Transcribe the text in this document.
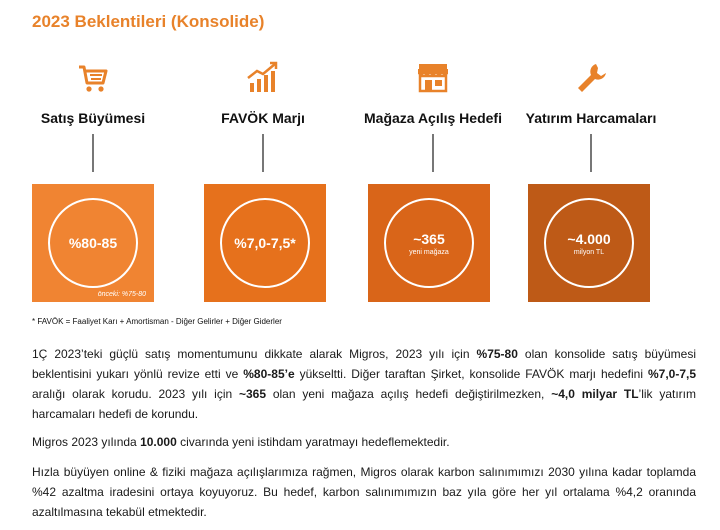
2023 Beklentileri (Konsolide)
Satış Büyümesi
%80-85
önceki: %75-80
FAVÖK Marjı
%7,0-7,5*
Mağaza Açılış Hedefi
~365
yeni mağaza
Yatırım Harcamaları
~4.000
milyon TL
* FAVÖK = Faaliyet Karı + Amortisman - Diğer Gelirler + Diğer Giderler
1Ç 2023’teki güçlü satış momentumunu dikkate alarak Migros, 2023 yılı için %75-80 olan konsolide satış büyümesi beklentisini yukarı yönlü revize etti ve %80-85’e yükseltti. Diğer taraftan Şirket, konsolide FAVÖK marjı hedefini %7,0-7,5 aralığı olarak korudu. 2023 yılı için ~365 olan yeni mağaza açılış hedefi değiştirilmezken, ~4,0 milyar TL’lik yatırım harcamaları hedefi de korundu.
Migros 2023 yılında 10.000 civarında yeni istihdam yaratmayı hedeflemektedir.
Hızla büyüyen online & fiziki mağaza açılışlarımıza rağmen, Migros olarak karbon salınımımızı 2030 yılına kadar toplamda %42 azaltma iradesini ortaya koyuyoruz. Bu hedef, karbon salınımımızın baz yıla göre her yıl ortalama %4,2 oranında azaltılmasına tekabül etmektedir.
